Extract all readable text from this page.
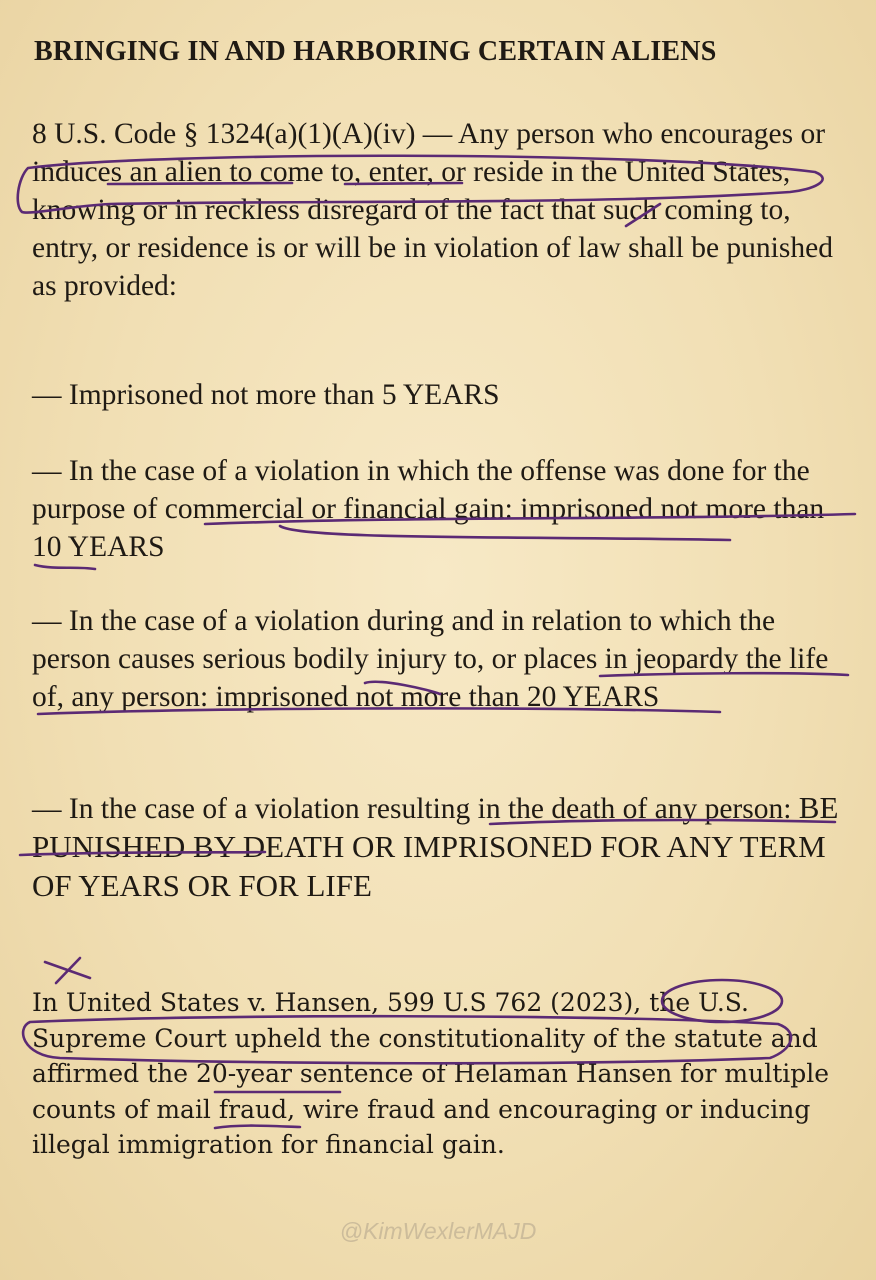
BRINGING IN AND HARBORING CERTAIN ALIENS
8 U.S. Code § 1324(a)(1)(A)(iv) — Any person who encourages or induces an alien to come to, enter, or reside in the United States, knowing or in reckless disregard of the fact that such coming to, entry, or residence is or will be in violation of law shall be punished as provided:
— Imprisoned not more than 5 YEARS
— In the case of a violation in which the offense was done for the purpose of commercial or financial gain: imprisoned not more than 10 YEARS
— In the case of a violation during and in relation to which the person causes serious bodily injury to, or places in jeopardy the life of, any person: imprisoned not more than 20 YEARS
— In the case of a violation resulting in the death of any person: BE PUNISHED BY DEATH OR IMPRISONED FOR ANY TERM OF YEARS OR FOR LIFE
In United States v. Hansen, 599 U.S 762 (2023), the U.S. Supreme Court upheld the constitutionality of the statute and affirmed the 20-year sentence of Helaman Hansen for multiple counts of mail fraud, wire fraud and encouraging or inducing illegal immigration for financial gain.
@KimWexlerMAJD
